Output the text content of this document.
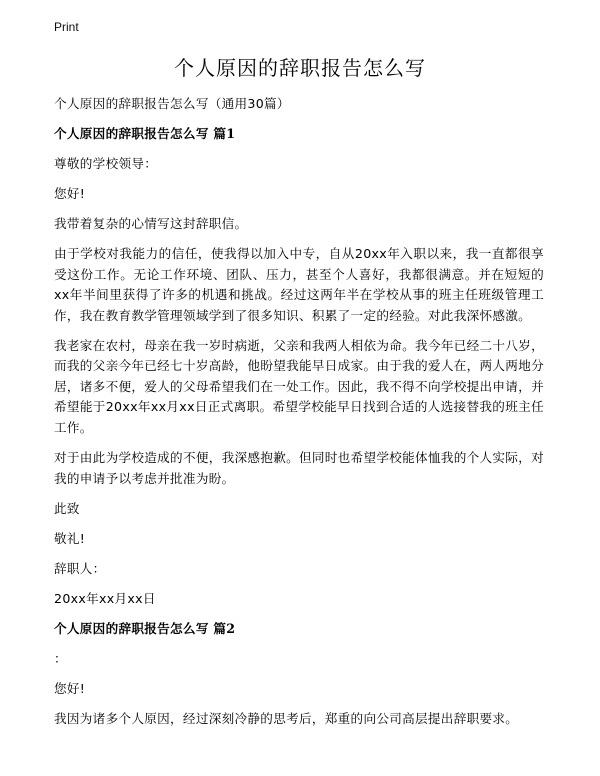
Print
个人原因的辞职报告怎么写

个人原因的辞职报告怎么写（通用30篇）

个人原因的辞职报告怎么写 篇1

尊敬的学校领导：

您好!

我带着复杂的心情写这封辞职信。

由于学校对我能力的信任，使我得以加入中专，自从20xx年入职以来，我一直都很享受这份工作。无论工作环境、团队、压力，甚至个人喜好，我都很满意。并在短短的xx年半间里获得了许多的机遇和挑战。经过这两年半在学校从事的班主任班级管理工作，我在教育教学管理领域学到了很多知识、积累了一定的经验。对此我深怀感激。

我老家在农村，母亲在我一岁时病逝，父亲和我两人相依为命。我今年已经二十八岁，而我的父亲今年已经七十岁高龄，他盼望我能早日成家。由于我的爱人在，两人两地分居，诸多不便，爱人的父母希望我们在一处工作。因此，我不得不向学校提出申请，并希望能于20xx年xx月xx日正式离职。希望学校能早日找到合适的人选接替我的班主任工作。

对于由此为学校造成的不便，我深感抱歉。但同时也希望学校能体恤我的个人实际，对我的申请予以考虑并批准为盼。

此致

敬礼!

辞职人：

20xx年xx月xx日

个人原因的辞职报告怎么写 篇2

：

您好!

我因为诸多个人原因，经过深刻冷静的思考后，郑重的向公司高层提出辞职要求。
